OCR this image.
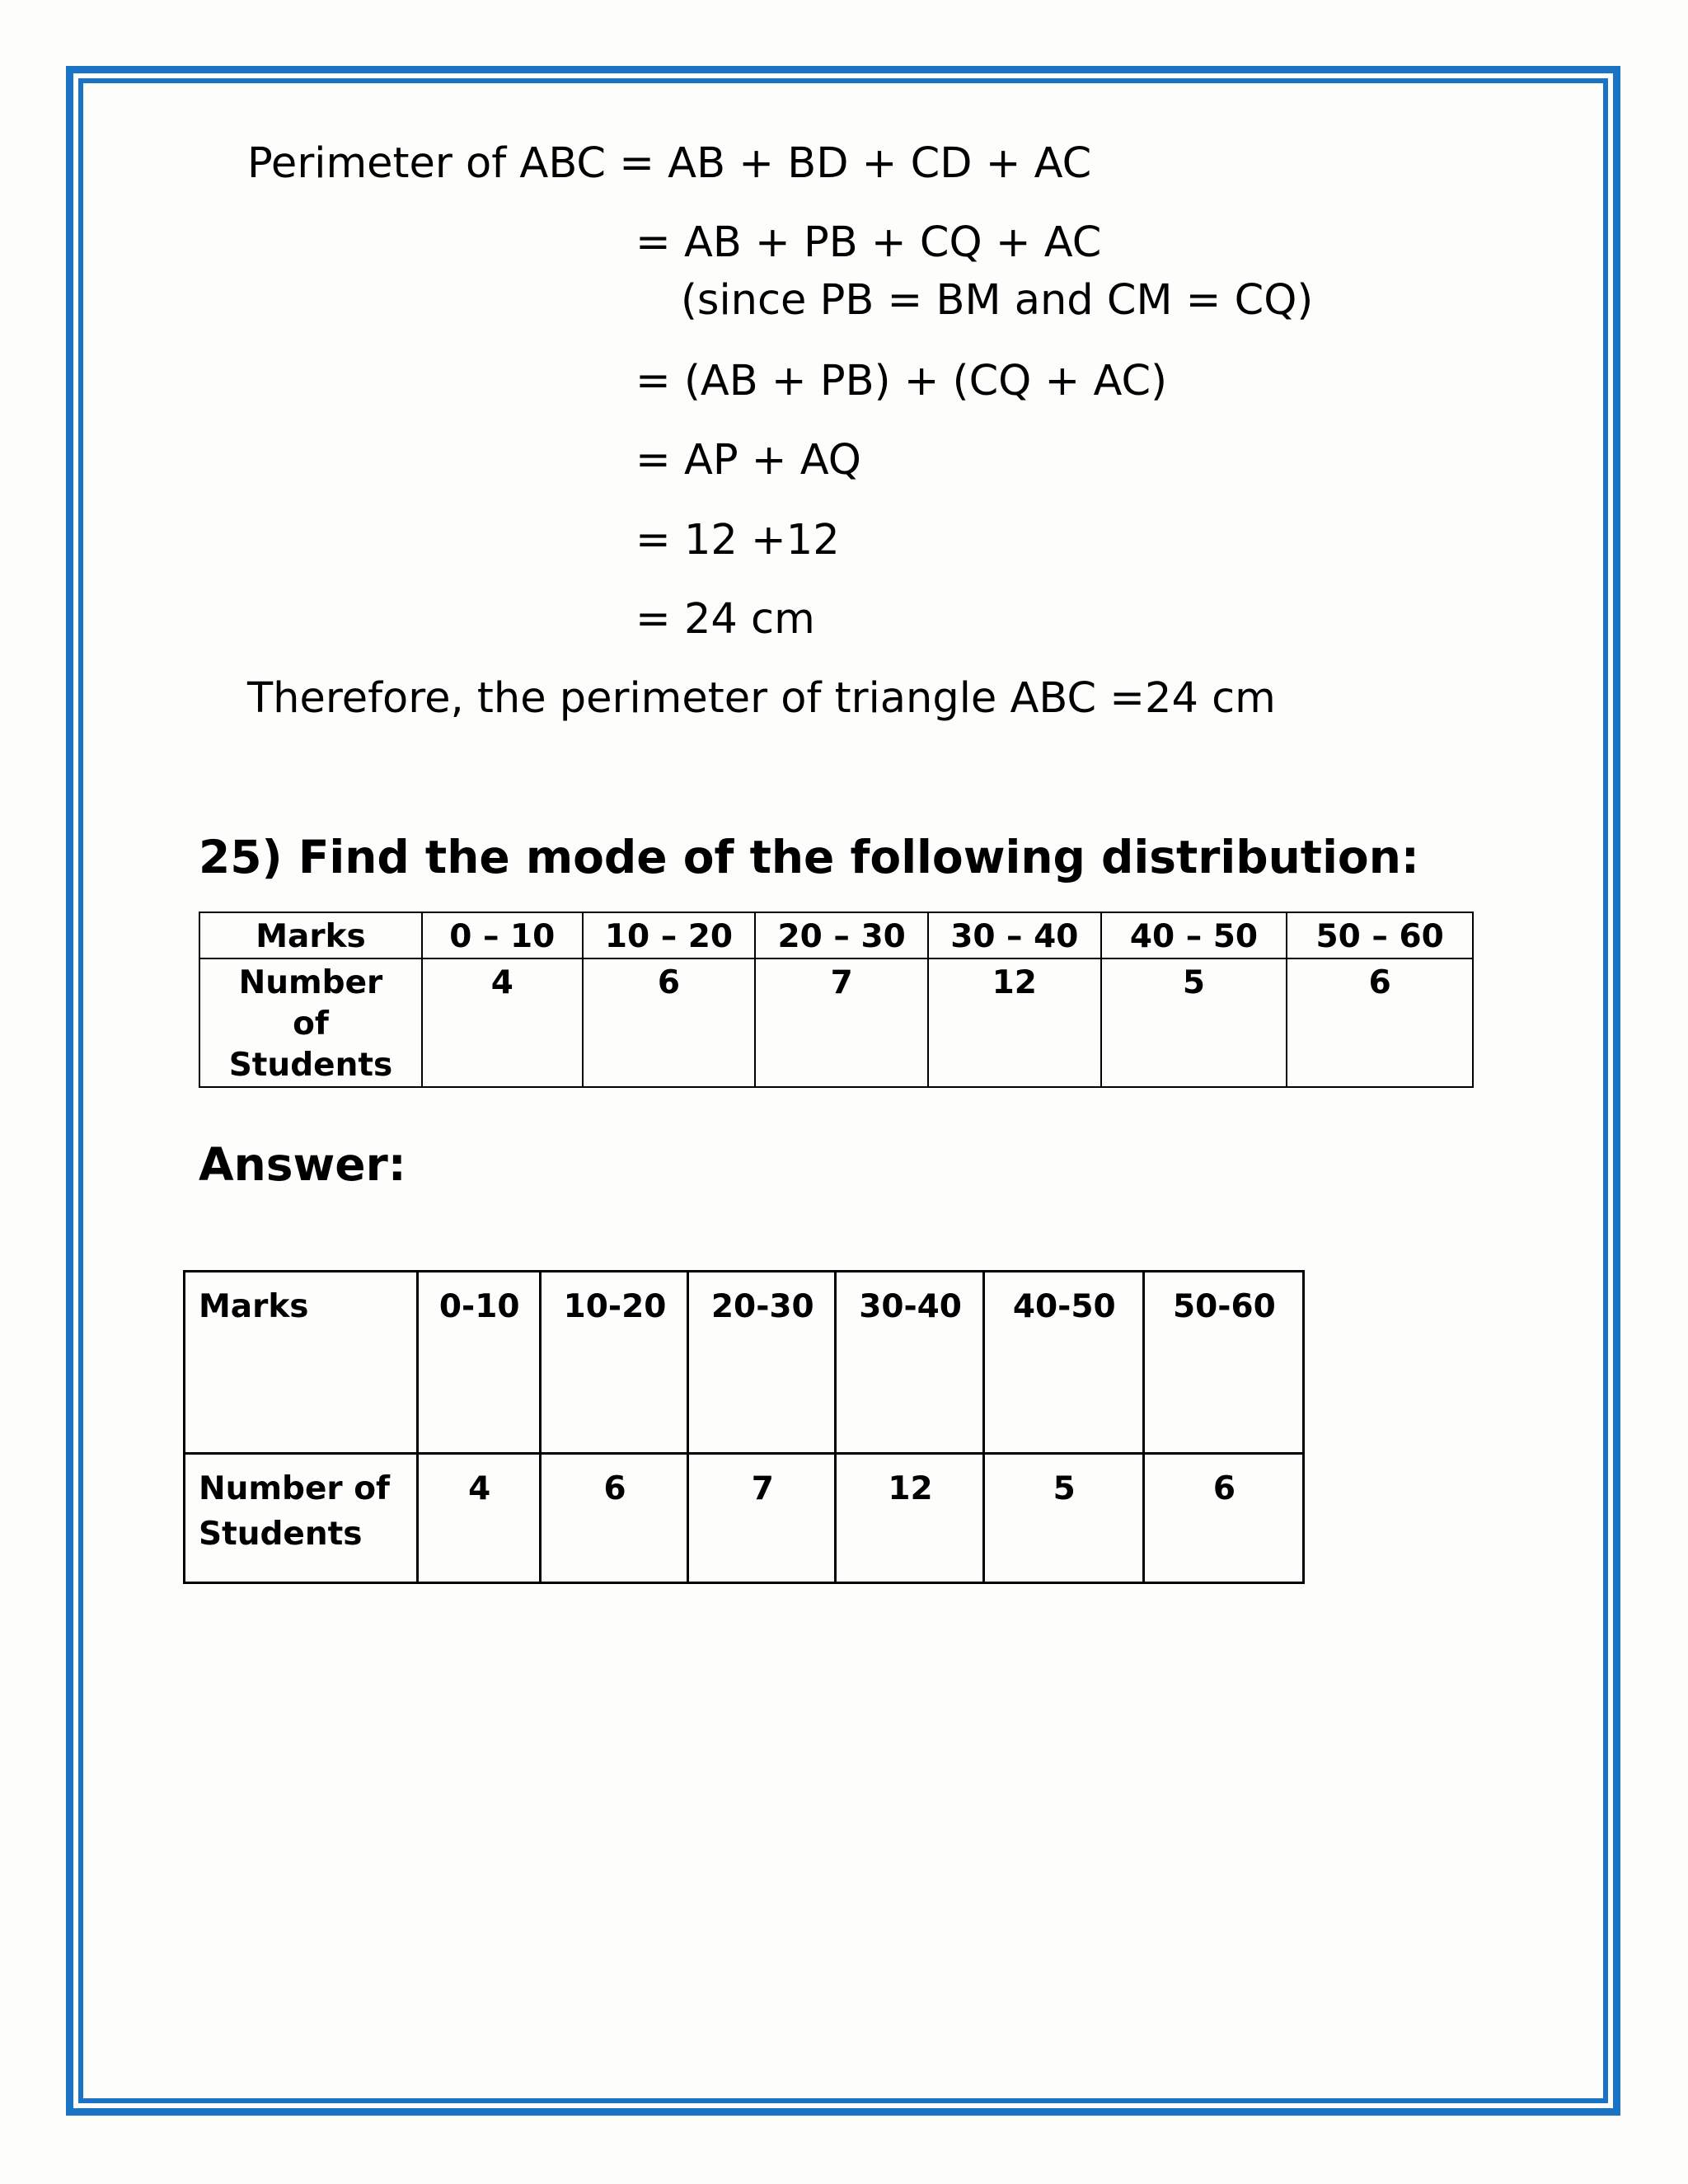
Perimeter of ABC = AB + BD + CD + AC
= AB + PB + CQ + AC
(since PB = BM and CM = CQ)
= (AB + PB) + (CQ + AC)
= AP + AQ
= 12 +12
= 24 cm
Therefore, the perimeter of triangle ABC =24 cm
25) Find the mode of the following distribution:
Marks	0 – 10	10 – 20	20 – 30	30 – 40	40 – 50	50 – 60
Number of Students	4	6	7	12	5	6
Answer:
Marks	0-10	10-20	20-30	30-40	40-50	50-60
Number of Students	4	6	7	12	5	6
